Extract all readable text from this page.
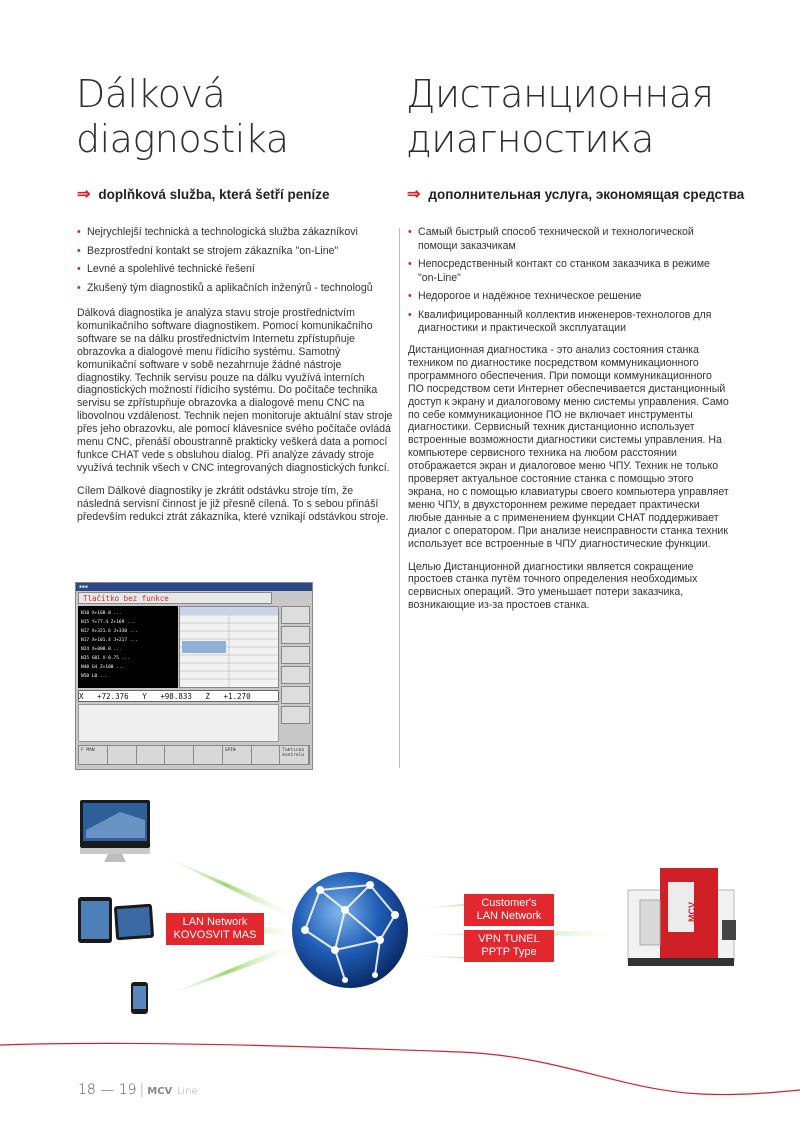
Dálková
diagnostika
⇒ doplňková služba, která šetří peníze
• Nejrychlejší technická a technologická služba zákazníkovi
• Bezprostřední kontakt se strojem zákazníka "on-Line"
• Levné a spolehlivé technické řešení
• Zkušený tým diagnostiků a aplikačních inženýrů - technologů

Dálková diagnostika je analýza stavu stroje prostřednictvím komunikačního software diagnostikem. Pomocí komunikačního software se na dálku prostřednictvím Internetu zpřístupňuje obrazovka a dialogové menu řídicího systému. Samotný komunikační software v sobě nezahrnuje žádné nástroje diagnostiky. Technik servisu pouze na dálku využívá interních diagnostických možností řídicího systému. Do počítače technika servisu se zpřístupňuje obrazovka a dialogové menu CNC na libovolnou vzdálenost. Technik nejen monitoruje aktuální stav stroje přes jeho obrazovku, ale pomocí klávesnice svého počítače ovládá menu CNC, přenáší oboustranně prakticky veškerá data a pomocí funkce CHAT vede s obsluhou dialog. Při analýze závady stroje využívá technik všech v CNC integrovaných diagnostických funkcí.

Cílem Dálkové diagnostiky je zkrátit odstávku stroje tím, že následná servisní činnost je již přesně cílená. To s sebou přináší především redukci ztrát zákazníka, které vznikají odstávkou stroje.

Дистанционная
диагностика
⇒ дополнительная услуга, экономящая средства
• Самый быстрый способ технической и технологической помощи заказчикам
• Непосредственный контакт со станком заказчика в режиме "on-Line"
• Недорогое и надёжное техническое решение
• Квалифицированный коллектив инженеров-технологов для диагностики и практической эксплуатации

Дистанционная диагностика - это анализ состояния станка техником по диагностике посредством коммуникационного программного обеспечения. При помощи коммуникационного ПО посредством сети Интернет обеспечивается дистанционный доступ к экрану и диалоговому меню системы управления. Само по себе коммуникационное ПО не включает инструменты диагностики. Сервисный техник дистанционно использует встроенные возможности диагностики системы управления. На компьютере сервисного техника на любом расстоянии отображается экран и диалоговое меню ЧПУ. Техник не только проверяет актуальное состояние станка с помощью этого экрана, но с помощью клавиатуры своего компьютера управляет меню ЧПУ, в двухстороннем режиме передает практически любые данные а с применением функции CHAT поддерживает диалог с оператором. При анализе неисправности станка техник использует все встроенные в ЧПУ диагностические функции.

Целью Дистанционной диагностики является сокращение простоев станка путём точного определения необходимых сервисных операций. Это уменьшает потери заказчика, возникающие из-за простоев станка.

▪▪▪
Tlačítko bez funkce
N10 X+168.0 ...
N15 Y+77.4 Z+169 ...
N17 X+321.6 J+330 ...
N17 X+101.4 J+217 ...
N24 X+000.0 ...
N35 G01 X-0.75 ...
N40 G4 Z+100 ...
N50 L0 ...
X   +72.376   Y   +98.833   Z   +1.270
F MAN	SPIN	Taktická kontrola
MCV
LAN Network
KOVOSVIT MAS
Customer's
LAN Network
VPN TUNEL
PPTP Type
18 — 19 | MCV Line
